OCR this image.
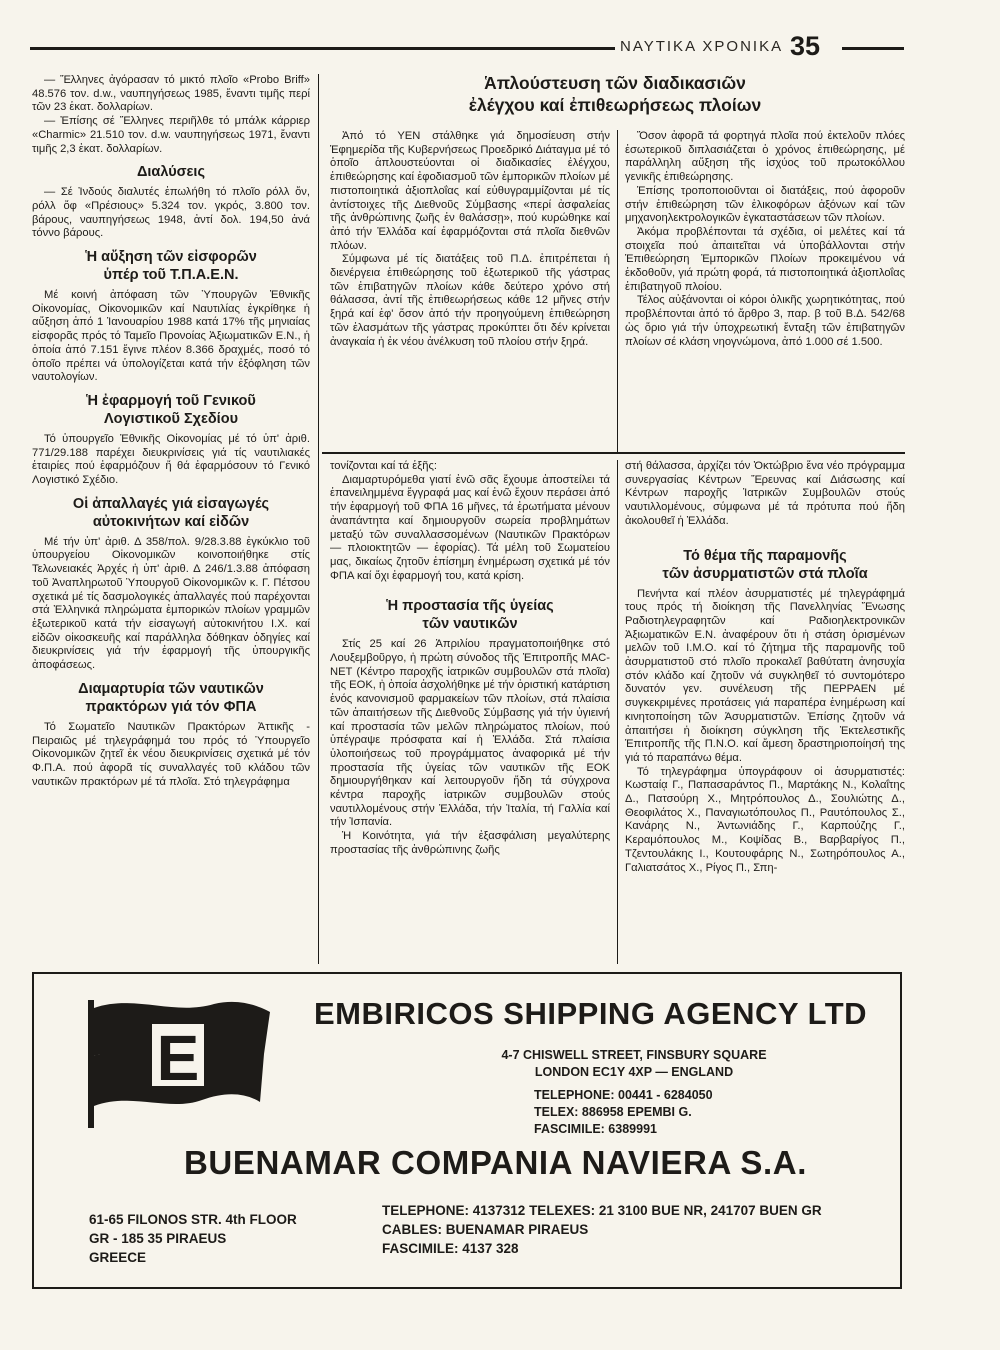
ΝΑΥΤΙΚΑ ΧΡΟΝΙΚΑ 35

— Ἕλληνες ἀγόρασαν τό μικτό πλοῖο «Probo Briff» 48.576 τον. d.w., ναυπηγήσεως 1985, ἔναντι τιμῆς περί τῶν 23 ἑκατ. δολλαρίων.

— Ἐπίσης σέ Ἕλληνες περιῆλθε τό μπάλκ κάρριερ «Charmic» 21.510 τον. d.w. ναυπηγήσεως 1971, ἔναντι τιμῆς 2,3 ἑκατ. δολλαρίων.

Διαλύσεις

— Σέ Ἰνδούς διαλυτές ἐπωλήθη τό πλοῖο ρόλλ ὄν, ρόλλ ὄφ «Πρέσιους» 5.324 τον. γκρός, 3.800 τον. βάρους, ναυπηγήσεως 1948, ἀντί δολ. 194,50 ἀνά τόννο βάρους.

Ἡ αὔξηση τῶν εἰσφορῶν
ὑπέρ τοῦ Τ.Π.Α.Ε.Ν.

Μέ κοινή ἀπόφαση τῶν Ὑπουργῶν Ἐθνικῆς Οἰκονομίας, Οἰκονομικῶν καί Ναυτιλίας ἐγκρίθηκε ἡ αὔξηση ἀπό 1 Ἰανουαρίου 1988 κατά 17% τῆς μηνιαίας εἰσφορᾶς πρός τό Ταμεῖο Προνοίας Ἀξιωματικῶν Ε.Ν., ἡ ὁποία ἀπό 7.151 ἔγινε πλέον 8.366 δραχμές, ποσό τό ὁποῖο πρέπει νά ὑπολογίζεται κατά τήν ἐξόφληση τῶν ναυτολογίων.

Ἡ ἐφαρμογή τοῦ Γενικοῦ
Λογιστικοῦ Σχεδίου

Τό ὑπουργεῖο Ἐθνικῆς Οἰκονομίας μέ τό ὑπ' ἀριθ. 771/29.188 παρέχει διευκρινίσεις γιά τίς ναυτιλιακές ἑταιρίες πού ἐφαρμόζουν ἤ θά ἐφαρμόσουν τό Γενικό Λογιστικό Σχέδιο.

Οἱ ἀπαλλαγές γιά εἰσαγωγές
αὐτοκινήτων καί εἰδῶν

Μέ τήν ὑπ' ἀριθ. Δ 358/πολ. 9/28.3.88 ἐγκύκλιο τοῦ ὑπουργείου Οἰκονομικῶν κοινοποιήθηκε στίς Τελωνειακές Ἀρχές ἡ ὑπ' ἀριθ. Δ 246/1.3.88 ἀπόφαση τοῦ Ἀναπληρωτοῦ Ὑπουργοῦ Οἰκονομικῶν κ. Γ. Πέτσου σχετικά μέ τίς δασμολογικές ἀπαλλαγές πού παρέχονται στά Ἑλληνικά πληρώματα ἐμπορικών πλοίων γραμμῶν ἐξωτερικοῦ κατά τήν εἰσαγωγή αὐτοκινήτου Ι.Χ. καί εἰδῶν οἰκοσκευῆς καί παράλληλα δόθηκαν ὁδηγίες καί διευκρινίσεις γιά τήν ἐφαρμογή τῆς ὑπουργικῆς ἀποφάσεως.

Διαμαρτυρία τῶν ναυτικῶν
πρακτόρων γιά τόν ΦΠΑ

Τό Σωματεῖο Ναυτικῶν Πρακτόρων Ἀττικῆς - Πειραιῶς μέ τηλεγράφημά του πρός τό Ὑπουργεῖο Οἰκονομικῶν ζητεῖ ἐκ νέου διευκρινίσεις σχετικά μέ τόν Φ.Π.Α. πού ἀφορᾶ τίς συναλλαγές τοῦ κλάδου τῶν ναυτικῶν πρακτόρων μέ τά πλοῖα. Στό τηλεγράφημα

Ἁπλούστευση τῶν διαδικασιῶν
ἐλέγχου καί ἐπιθεωρήσεως πλοίων

Ἀπό τό ΥΕΝ στάλθηκε γιά δημοσίευση στήν Ἐφημερίδα τῆς Κυβερνήσεως Προεδρικό Διάταγμα μέ τό ὁποῖο ἁπλουστεύονται οἱ διαδικασίες ἐλέγχου, ἐπιθεώρησης καί ἐφοδιασμοῦ τῶν ἐμπορικῶν πλοίων μέ πιστοποιητικά ἀξιοπλοΐας καί εὐθυγραμμίζονται μέ τίς ἀντίστοιχες τῆς Διεθνοῦς Σύμβασης «περί ἀσφαλείας τῆς ἀνθρώπινης ζωῆς ἐν θαλάσσῃ», πού κυρώθηκε καί ἀπό τήν Ἑλλάδα καί ἐφαρμόζονται στά πλοῖα διεθνῶν πλόων.

Σύμφωνα μέ τίς διατάξεις τοῦ Π.Δ. ἐπιτρέπεται ἡ διενέργεια ἐπιθεώρησης τοῦ ἐξωτερικοῦ τῆς γάστρας τῶν ἐπιβατηγῶν πλοίων κάθε δεύτερο χρόνο στή θάλασσα, ἀντί τῆς ἐπιθεωρήσεως κάθε 12 μῆνες στήν ξηρά καί ἐφ' ὅσον ἀπό τήν προηγούμενη ἐπιθεώρηση τῶν ἐλασμάτων τῆς γάστρας προκύπτει ὅτι δέν κρίνεται ἀναγκαία ἡ ἐκ νέου ἀνέλκυση τοῦ πλοίου στήν ξηρά.

Ὅσον ἀφορᾶ τά φορτηγά πλοῖα πού ἐκτελοῦν πλόες ἐσωτερικοῦ διπλασιάζεται ὁ χρόνος ἐπιθεώρησης, μέ παράλληλη αὔξηση τῆς ἰσχύος τοῦ πρωτοκόλλου γενικῆς ἐπιθεώρησης.

Ἐπίσης τροποποιοῦνται οἱ διατάξεις, πού ἀφοροῦν στήν ἐπιθεώρηση τῶν ἑλικοφόρων ἀξόνων καί τῶν μηχανοηλεκτρολογικῶν ἐγκαταστάσεων τῶν πλοίων.

Ἀκόμα προβλέπονται τά σχέδια, οἱ μελέτες καί τά στοιχεῖα πού ἀπαιτεῖται νά ὑποβάλλονται στήν Ἐπιθεώρηση Ἐμπορικῶν Πλοίων προκειμένου νά ἐκδοθοῦν, γιά πρώτη φορά, τά πιστοποιητικά ἀξιοπλοΐας ἐπιβατηγοῦ πλοίου.

Τέλος αὐξάνονται οἱ κόροι ὁλικῆς χωρητικότητας, πού προβλέπονται ἀπό τό ἄρθρο 3, παρ. β τοῦ Β.Δ. 542/68 ὡς ὅριο γιά τήν ὑποχρεωτική ἔνταξη τῶν ἐπιβατηγῶν πλοίων σέ κλάση νηογνώμονα, ἀπό 1.000 σέ 1.500.

τονίζονται καί τά ἑξῆς:

Διαμαρτυρόμεθα γιατί ἐνῶ σᾶς ἔχουμε ἀποστείλει τά ἐπανειλημμένα ἔγγραφά μας καί ἐνῶ ἔχουν περάσει ἀπό τήν ἐφαρμογή τοῦ ΦΠΑ 16 μῆνες, τά ἐρωτήματα μένουν ἀναπάντητα καί δημιουργοῦν σωρεία προβλημάτων μεταξύ τῶν συναλλασσομένων (Ναυτικῶν Πρακτόρων — πλοιοκτητῶν — ἐφορίας). Τά μέλη τοῦ Σωματείου μας, δικαίως ζητοῦν ἐπίσημη ἐνημέρωση σχετικά μέ τόν ΦΠΑ καί ὄχι ἐφαρμογή του, κατά κρίση.

Ἡ προστασία τῆς ὑγείας
τῶν ναυτικῶν

Στίς 25 καί 26 Ἀπριλίου πραγματοποιήθηκε στό Λουξεμβοῦργο, ἡ πρώτη σύνοδος τῆς Ἐπιτροπῆς MAC-NET (Κέντρο παροχῆς ἰατρικῶν συμβουλῶν στά πλοῖα) τῆς ΕΟΚ, ἡ ὁποία ἀσχολήθηκε μέ τήν ὁριστική κατάρτιση ἑνός κανονισμοῦ φαρμακείων τῶν πλοίων, στά πλαίσια τῶν ἀπαιτήσεων τῆς Διεθνοῦς Σύμβασης γιά τήν ὑγιεινή καί προστασία τῶν μελῶν πληρώματος πλοίων, πού ὑπέγραψε πρόσφατα καί ἡ Ἑλλάδα. Στά πλαίσια ὑλοποιήσεως τοῦ προγράμματος ἀναφορικά μέ τήν προστασία τῆς ὑγείας τῶν ναυτικῶν τῆς ΕΟΚ δημιουργήθηκαν καί λειτουργοῦν ἤδη τά σύγχρονα κέντρα παροχῆς ἰατρικῶν συμβουλῶν στούς ναυτιλλομένους στήν Ἑλλάδα, τήν Ἰταλία, τή Γαλλία καί τήν Ἰσπανία.

Ἡ Κοινότητα, γιά τήν ἐξασφάλιση μεγαλύτερης προστασίας τῆς ἀνθρώπινης ζωῆς

στή θάλασσα, ἀρχίζει τόν Ὀκτώβριο ἕνα νέο πρόγραμμα συνεργασίας Κέντρων Ἔρευνας καί Διάσωσης καί Κέντρων παροχῆς Ἰατρικῶν Συμβουλῶν στούς ναυτιλλομένους, σύμφωνα μέ τά πρότυπα πού ἤδη ἀκολουθεῖ ἡ Ἑλλάδα.

Τό θέμα τῆς παραμονῆς
τῶν ἀσυρματιστῶν στά πλοῖα

Πενήντα καί πλέον ἀσυρματιστές μέ τηλεγράφημά τους πρός τή διοίκηση τῆς Πανελληνίας Ἕνωσης Ραδιοτηλεγραφητῶν καί Ραδιοηλεκτρονικῶν Ἀξιωματικῶν Ε.Ν. ἀναφέρουν ὅτι ἡ στάση ὁρισμένων μελῶν τοῦ Ι.Μ.Ο. καί τό ζήτημα τῆς παραμονῆς τοῦ ἀσυρματιστοῦ στό πλοῖο προκαλεῖ βαθύτατη ἀνησυχία στόν κλάδο καί ζητοῦν νά συγκληθεῖ τό συντομότερο δυνατόν γεν. συνέλευση τῆς ΠΕΡΡΑΕΝ μέ συγκεκριμένες προτάσεις γιά παραπέρα ἐνημέρωση καί κινητοποίηση τῶν Ἀσυρματιστῶν. Ἐπίσης ζητοῦν νά ἀπαιτήσει ἡ διοίκηση σύγκληση τῆς Ἐκτελεστικῆς Ἐπιτροπῆς τῆς Π.Ν.Ο. καί ἄμεση δραστηριοποίησή της γιά τό παραπάνω θέμα.

Τό τηλεγράφημα ὑπογράφουν οἱ ἀσυρματιστές: Κωσταίᾳ Γ., Παπασαράντος Π., Μαρτάκης Ν., Κολαΐτης Δ., Πατσούρη Χ., Μητρόπουλος Δ., Σουλιώτης Δ., Θεοφιλάτος Χ., Παναγιωτόπουλος Π., Ραυτόπουλος Σ., Κανάρης Ν., Ἀντωνιάδης Γ., Καρπούζης Γ., Κεραμόπουλος Μ., Κοψίδας Β., Βαρβαρίγος Π., Τζεντουλάκης Ι., Κουτουφάρης Ν., Σωτηρόπουλος Α., Γαλιατσάτος Χ., Ρίγος Π., Σπη-

E
EMBIRICOS SHIPPING AGENCY LTD
4-7 CHISWELL STREET, FINSBURY SQUARE
LONDON EC1Y 4XP — ENGLAND
TELEPHONE: 00441 - 6284050
TELEX: 886958 EPEMBI G.
FASCIMILE: 6389991
BUENAMAR COMPANIA NAVIERA S.A.
61-65 FILONOS STR. 4th FLOOR
GR - 185 35 PIRAEUS
GREECE
TELEPHONE: 4137312 TELEXES: 21 3100 BUE NR, 241707 BUEN GR
CABLES: BUENAMAR PIRAEUS
FASCIMILE: 4137 328
